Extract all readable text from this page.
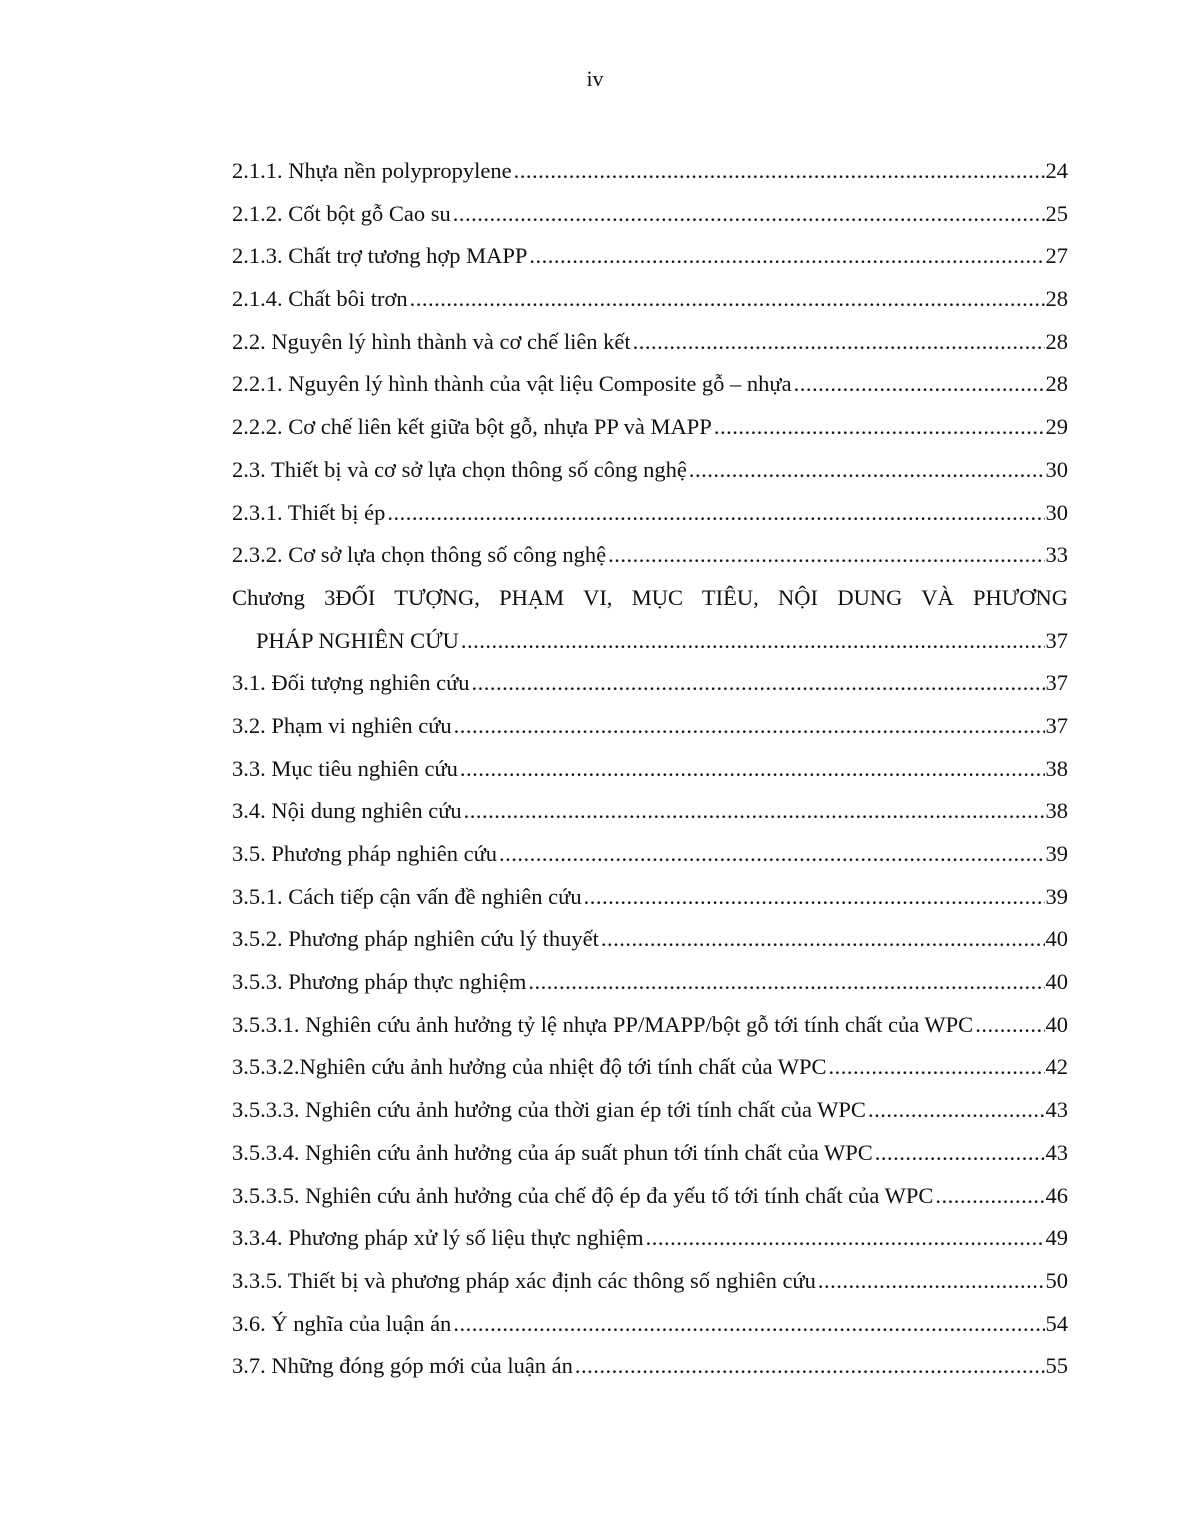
iv
2.1.1. Nhựa nền polypropylene .....	24
2.1.2. Cốt bột gỗ Cao su .....	25
2.1.3. Chất trợ tương hợp MAPP .....	27
2.1.4. Chất bôi trơn .....	28
2.2. Nguyên lý hình thành và cơ chế liên kết .....	28
2.2.1. Nguyên lý hình thành của vật liệu Composite gỗ – nhựa .....	28
2.2.2. Cơ chế liên kết giữa bột gỗ, nhựa PP và MAPP .....	29
2.3. Thiết bị và cơ sở lựa chọn thông số công nghệ .....	30
2.3.1. Thiết bị ép .....	30
2.3.2. Cơ sở lựa chọn thông số công nghệ .....	33
Chương 3ĐỐI TƯỢNG, PHẠM VI, MỤC TIÊU, NỘI DUNG VÀ PHƯƠNG
PHÁP NGHIÊN CỨU .....	37
3.1. Đối tượng nghiên cứu .....	37
3.2. Phạm vi nghiên cứu .....	37
3.3. Mục tiêu nghiên cứu .....	38
3.4. Nội dung nghiên cứu .....	38
3.5. Phương pháp nghiên cứu .....	39
3.5.1. Cách tiếp cận vấn đề nghiên cứu .....	39
3.5.2. Phương pháp nghiên cứu lý thuyết .....	40
3.5.3. Phương pháp thực nghiệm .....	40
3.5.3.1. Nghiên cứu ảnh hưởng tỷ lệ nhựa PP/MAPP/bột gỗ tới tính chất của WPC .....	40
3.5.3.2.Nghiên cứu ảnh hưởng của nhiệt độ tới tính chất của WPC .....	42
3.5.3.3. Nghiên cứu ảnh hưởng của thời gian ép tới tính chất của WPC .....	43
3.5.3.4. Nghiên cứu ảnh hưởng của áp suất phun tới tính chất của WPC .....	43
3.5.3.5. Nghiên cứu ảnh hưởng của chế độ ép đa yếu tố tới tính chất của WPC .....	46
3.3.4. Phương pháp xử lý số liệu thực nghiệm .....	49
3.3.5. Thiết bị và phương pháp xác định các thông số nghiên cứu .....	50
3.6. Ý nghĩa của luận án .....	54
3.7. Những đóng góp mới của luận án .....	55
